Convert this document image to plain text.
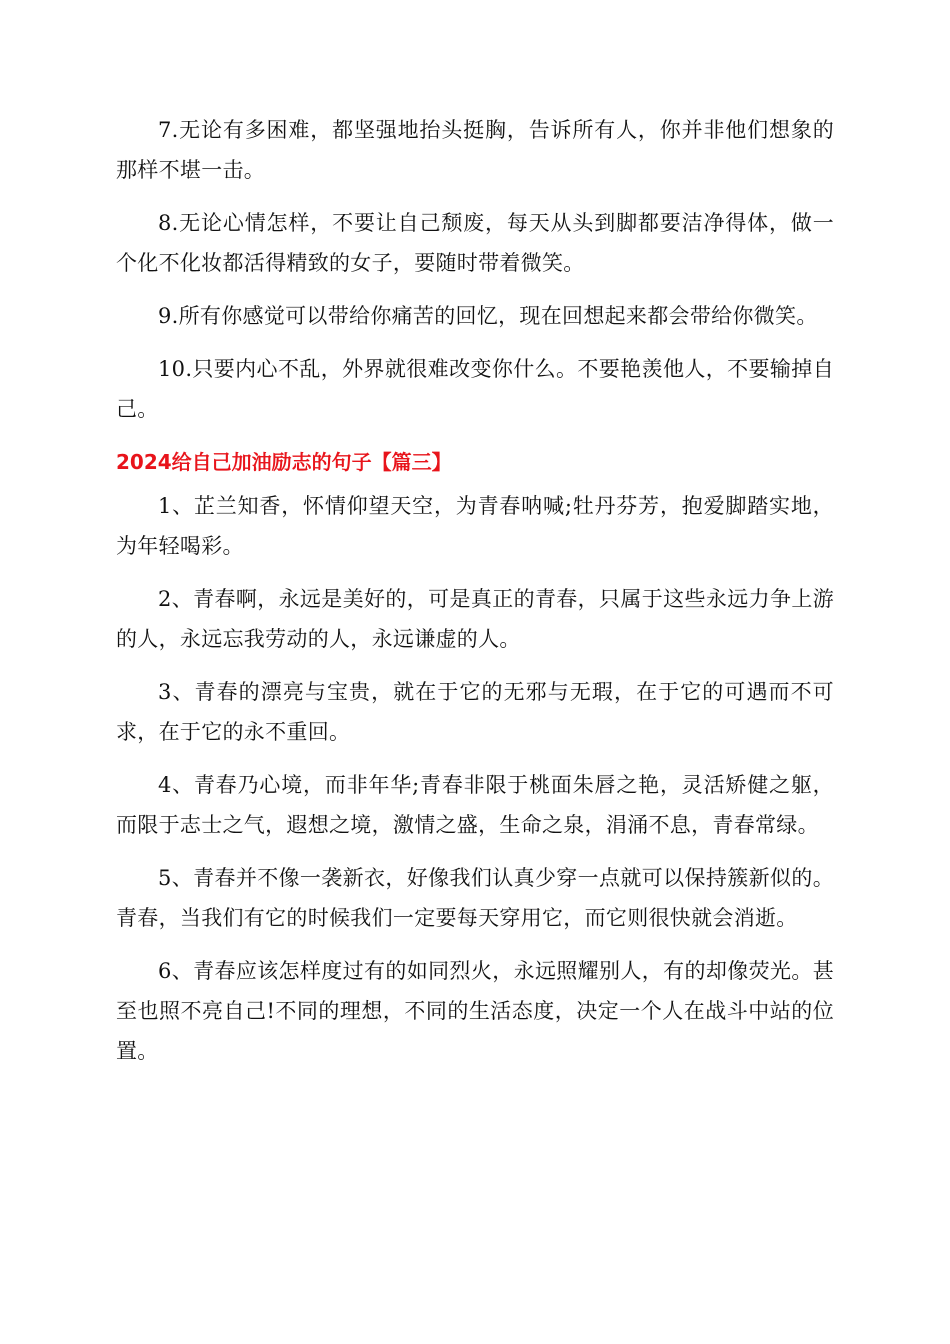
7.无论有多困难，都坚强地抬头挺胸，告诉所有人，你并非他们想象的那样不堪一击。

8.无论心情怎样，不要让自己颓废，每天从头到脚都要洁净得体，做一个化不化妆都活得精致的女子，要随时带着微笑。

9.所有你感觉可以带给你痛苦的回忆，现在回想起来都会带给你微笑。

10.只要内心不乱，外界就很难改变你什么。不要艳羡他人，不要输掉自己。

2024给自己加油励志的句子【篇三】

1、芷兰知香，怀情仰望天空，为青春呐喊;牡丹芬芳，抱爱脚踏实地，为年轻喝彩。

2、青春啊，永远是美好的，可是真正的青春，只属于这些永远力争上游的人，永远忘我劳动的人，永远谦虚的人。

3、青春的漂亮与宝贵，就在于它的无邪与无瑕，在于它的可遇而不可求，在于它的永不重回。

4、青春乃心境，而非年华;青春非限于桃面朱唇之艳，灵活矫健之躯，而限于志士之气，遐想之境，激情之盛，生命之泉，涓涌不息，青春常绿。

5、青春并不像一袭新衣，好像我们认真少穿一点就可以保持簇新似的。青春，当我们有它的时候我们一定要每天穿用它，而它则很快就会消逝。

6、青春应该怎样度过有的如同烈火，永远照耀别人，有的却像荧光。甚至也照不亮自己!不同的理想，不同的生活态度，决定一个人在战斗中站的位置。
